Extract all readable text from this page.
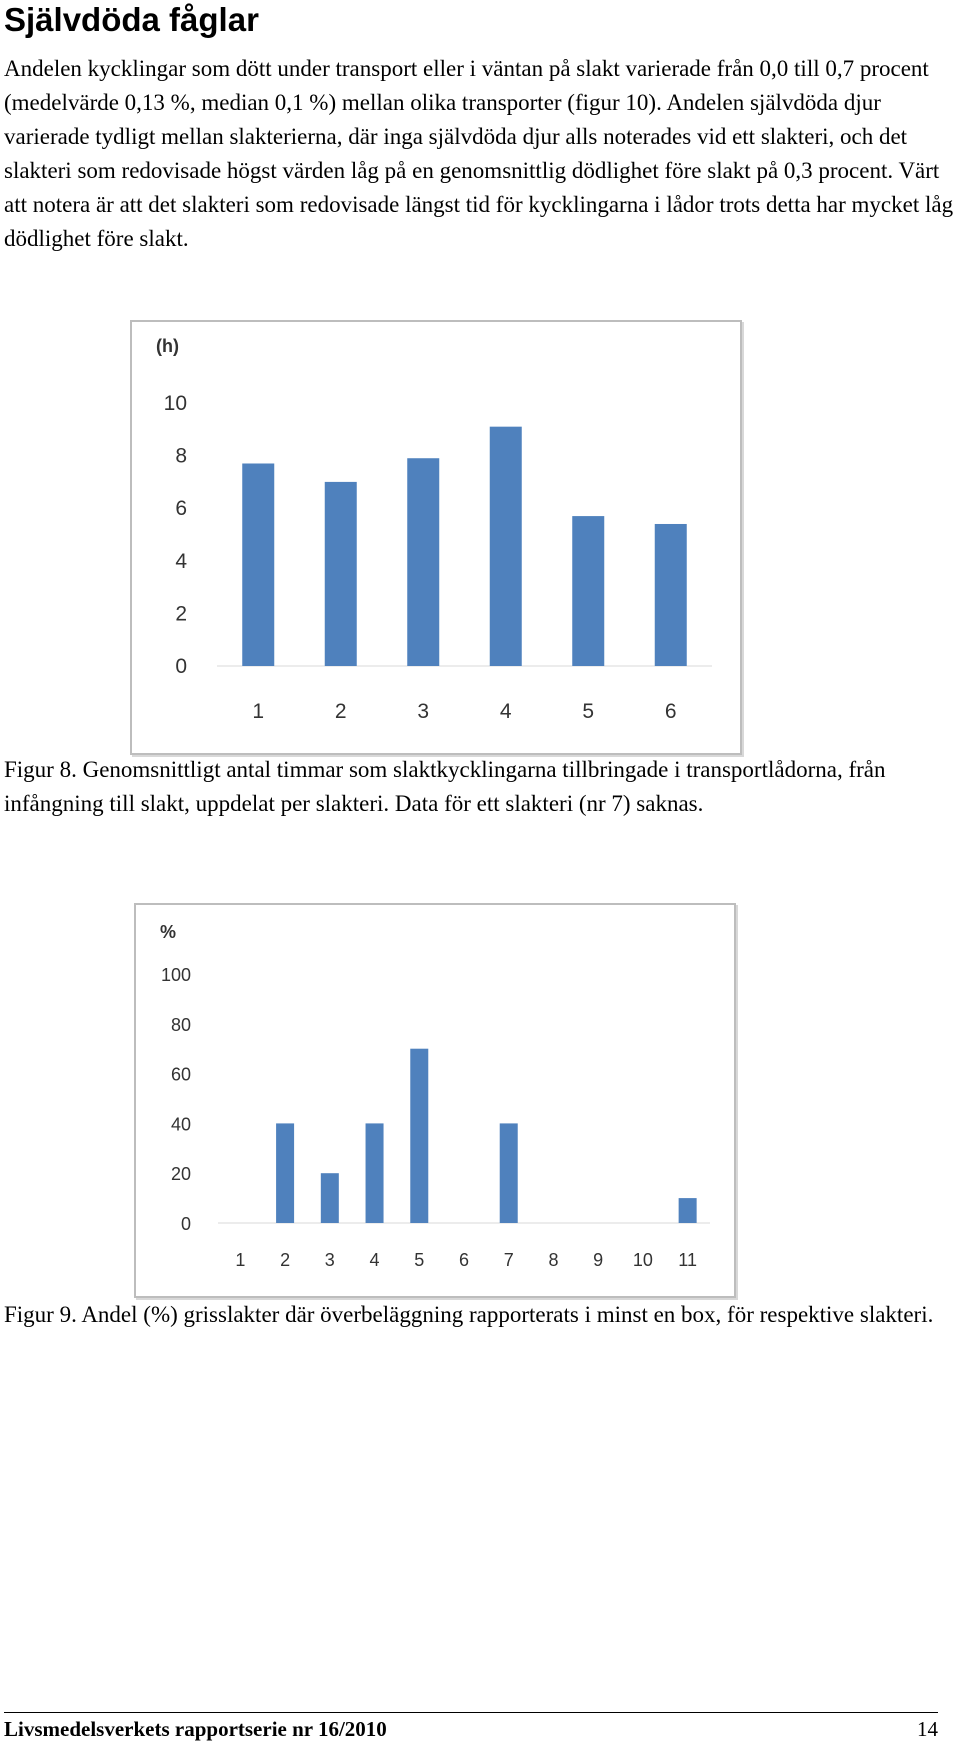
Självdöda fåglar

Andelen kycklingar som dött under transport eller i väntan på slakt varierade från 0,0 till 0,7 procent (medelvärde 0,13 %, median 0,1 %) mellan olika transporter (figur 10). Andelen självdöda djur varierade tydligt mellan slakterierna, där inga självdöda djur alls noterades vid ett slakteri, och det slakteri som redovisade högst värden låg på en genomsnittlig dödlighet före slakt på 0,3 procent. Värt att notera är att det slakteri som redovisade längst tid för kycklingarna i lådor trots detta har mycket låg dödlighet före slakt.

(h)
0
2
4
6
8
10
1	2	3	4	5	6

Figur 8. Genomsnittligt antal timmar som slaktkycklingarna tillbringade i transportlådorna, från infångning till slakt, uppdelat per slakteri. Data för ett slakteri (nr 7) saknas.

%
0
20
40
60
80
100
1 2 3 4 5 6 7 8 9 10 11

Figur 9. Andel (%) grisslakter där överbeläggning rapporterats i minst en box, för respektive slakteri.

Livsmedelsverkets rapportserie nr 16/2010	14
